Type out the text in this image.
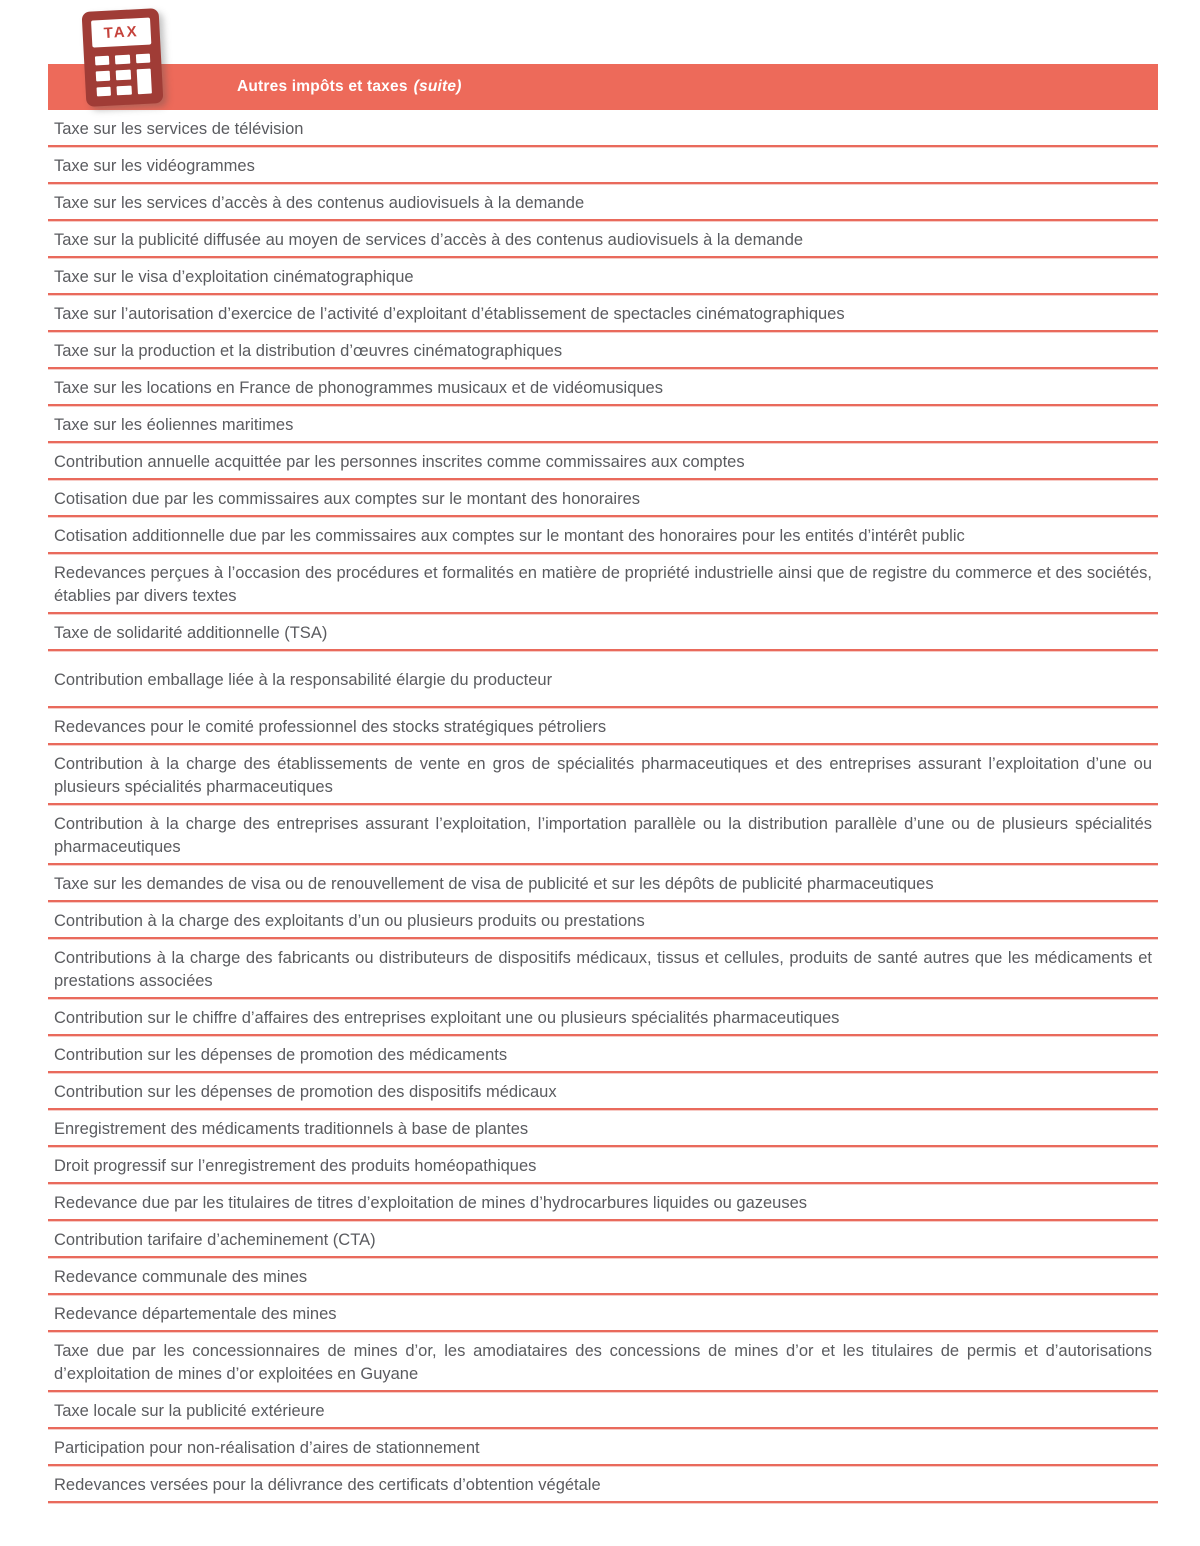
TAX
Autres impôts et taxes (suite)
Taxe sur les services de télévision
Taxe sur les vidéogrammes
Taxe sur les services d’accès à des contenus audiovisuels à la demande
Taxe sur la publicité diffusée au moyen de services d’accès à des contenus audiovisuels à la demande
Taxe sur le visa d’exploitation cinématographique
Taxe sur l’autorisation d’exercice de l’activité d’exploitant d’établissement de spectacles cinématographiques
Taxe sur la production et la distribution d’œuvres cinématographiques
Taxe sur les locations en France de phonogrammes musicaux et de vidéomusiques
Taxe sur les éoliennes maritimes
Contribution annuelle acquittée par les personnes inscrites comme commissaires aux comptes
Cotisation due par les commissaires aux comptes sur le montant des honoraires
Cotisation additionnelle due par les commissaires aux comptes sur le montant des honoraires pour les entités d’intérêt public
Redevances perçues à l’occasion des procédures et formalités en matière de propriété industrielle ainsi que de registre du commerce et des sociétés, établies par divers textes
Taxe de solidarité additionnelle (TSA)
Contribution emballage liée à la responsabilité élargie du producteur
Redevances pour le comité professionnel des stocks stratégiques pétroliers
Contribution à la charge des établissements de vente en gros de spécialités pharmaceutiques et des entreprises assurant l’exploitation d’une ou plusieurs spécialités pharmaceutiques
Contribution à la charge des entreprises assurant l’exploitation, l’importation parallèle ou la distribution parallèle d’une ou de plusieurs spécialités pharmaceutiques
Taxe sur les demandes de visa ou de renouvellement de visa de publicité et sur les dépôts de publicité pharmaceutiques
Contribution à la charge des exploitants d’un ou plusieurs produits ou prestations
Contributions à la charge des fabricants ou distributeurs de dispositifs médicaux, tissus et cellules, produits de santé autres que les médicaments et prestations associées
Contribution sur le chiffre d’affaires des entreprises exploitant une ou plusieurs spécialités pharmaceutiques
Contribution sur les dépenses de promotion des médicaments
Contribution sur les dépenses de promotion des dispositifs médicaux
Enregistrement des médicaments traditionnels à base de plantes
Droit progressif sur l’enregistrement des produits homéopathiques
Redevance due par les titulaires de titres d’exploitation de mines d’hydrocarbures liquides ou gazeuses
Contribution tarifaire d’acheminement (CTA)
Redevance communale des mines
Redevance départementale des mines
Taxe due par les concessionnaires de mines d’or, les amodiataires des concessions de mines d’or et les titulaires de permis et d’autorisations d’exploitation de mines d’or exploitées en Guyane
Taxe locale sur la publicité extérieure
Participation pour non-réalisation d’aires de stationnement
Redevances versées pour la délivrance des certificats d’obtention végétale
